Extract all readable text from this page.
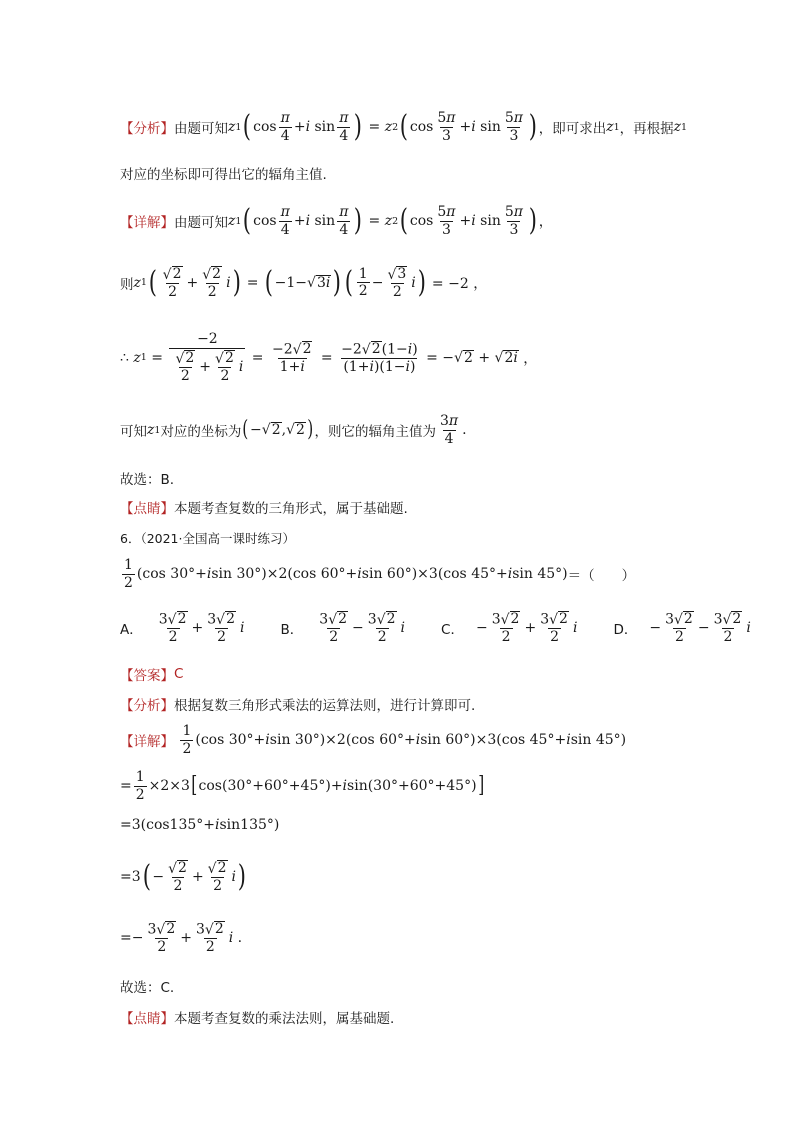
【分析】 由题可知 z 1 ( $\cos \frac{\pi}{4} + i$ $\sin \frac{\pi}{4}$ ) = z 2 ( $\cos \frac{5\pi}{3} + i$ $\sin \frac{5\pi}{3}$ ) ，即可求出 z 1 ，再根据 z 1
对应的坐标即可得出它的辐角主值.
【详解】 由题可知 z 1 ( $\cos \frac{\pi}{4} + i$ $\sin \frac{\pi}{4}$ ) = z 2 ( $\cos \frac{5\pi}{3} + i$ $\sin \frac{5\pi}{3}$ ) ，
则 z 1 ( $\frac{√ 2}{2} + \frac{√ 2}{2}$ i ) = ( −1− √ 3i ) ( $\frac{1}{2} - \frac{√ 3}{2}$ i ) = −2 ，
∴
z $1 = \frac{-2}{\frac{√ 2}{2} + \frac{√ 2}{2} i} = \frac{-2 √ 2}{1+i} = \frac{-2 √ 2 (1-i)}{(1+i)(1-i)}$ = − √ 2 + √ 2i ，
可知 z 1 对应的坐标为 ( − √ 2 , √ 2 ) ，则它的辐角主值为 $\frac{3\pi}{4}$ .
故选：B.
【点睛】 本题考查复数的三角形式，属于基础题.
6．（2021·全国高一课时练习）
$\frac{1}{2} (\cos$ 30°+ i sin 30°)×2(cos 60°+ i sin 60°)×3(cos 45°+ i sin 45°) ＝（　　）
A． $\frac{3 √ 2}{2} + \frac{3 √ 2}{2}$ i	B． $\frac{3 √ 2}{2} - \frac{3 √ 2}{2}$ i	C． − $\frac{3 √ 2}{2} + \frac{3 √ 2}{2}$ i	D． − $\frac{3 √ 2}{2} - \frac{3 √ 2}{2}$ i
【答案】 C
【分析】 根据复数三角形式乘法的运算法则，进行计算即可.
【详解】
$\frac{1}{2} (\cos$ 30°+ i sin 30°)×2(cos 60°+ i sin 60°)×3(cos 45°+ i sin 45°)
= $\frac{1}{2} \times 2\times 3$ [ cos(30°+60°+45°)+ i sin(30°+60°+45°) ]
=3(cos135°+ i sin135°)
=3 ( − $\frac{√ 2}{2} + \frac{√ 2}{2}$ i )
=− $\frac{3 √ 2}{2} + \frac{3 √ 2}{2}$ i .
故选：C.
【点睛】 本题考查复数的乘法法则，属基础题.
